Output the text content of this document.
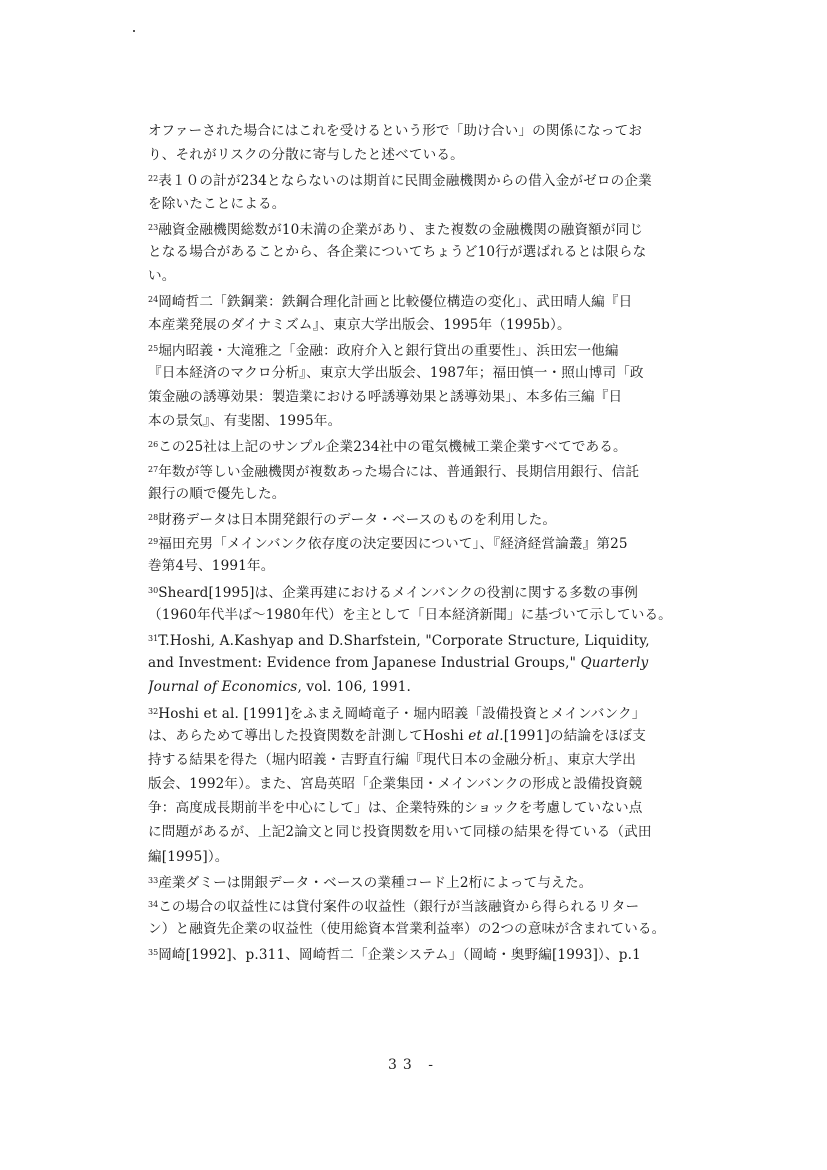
オファーされた場合にはこれを受けるという形で「助け合い」の関係になってお
り、それがリスクの分散に寄与したと述べている。
$^{22}$表１０の計が234とならないのは期首に民間金融機関からの借入金がゼロの企業
を除いたことによる。
$^{23}$融資金融機関総数が10未満の企業があり、また複数の金融機関の融資額が同じ
となる場合があることから、各企業についてちょうど10行が選ばれるとは限らな
い。
$^{24}$岡崎哲二「鉄鋼業：鉄鋼合理化計画と比較優位構造の変化」、武田晴人編『日
本産業発展のダイナミズム』、東京大学出版会、1995年（1995b）。
$^{25}$堀内昭義・大滝雅之「金融：政府介入と銀行貸出の重要性」、浜田宏一他編
『日本経済のマクロ分析』、東京大学出版会、1987年；福田慎一・照山博司「政
策金融の誘導効果：製造業における呼誘導効果と誘導効果」、本多佑三編『日
本の景気』、有斐閣、1995年。
$^{26}$この25社は上記のサンプル企業234社中の電気機械工業企業すべてである。
$^{27}$年数が等しい金融機関が複数あった場合には、普通銀行、長期信用銀行、信託
銀行の順で優先した。
$^{28}$財務データは日本開発銀行のデータ・ベースのものを利用した。
$^{29}$福田充男「メインバンク依存度の決定要因について」、『経済経営論叢』第25
巻第4号、1991年。
$^{30}$Sheard[1995]は、企業再建におけるメインバンクの役割に関する多数の事例
（1960年代半ば～1980年代）を主として「日本経済新聞」に基づいて示している。
$^{31}$T.Hoshi, A.Kashyap and D.Sharfstein, "Corporate Structure, Liquidity,
and Investment: Evidence from Japanese Industrial Groups," Quarterly
Journal of Economics, vol. 106, 1991.
$^{32}$Hoshi et al. [1991]をふまえ岡崎竜子・堀内昭義「設備投資とメインバンク」
は、あらためて導出した投資関数を計測してHoshi et al.[1991]の結論をほぼ支
持する結果を得た（堀内昭義・吉野直行編『現代日本の金融分析』、東京大学出
版会、1992年）。また、宮島英昭「企業集団・メインバンクの形成と設備投資競
争：高度成長期前半を中心にして」は、企業特殊的ショックを考慮していない点
に問題があるが、上記2論文と同じ投資関数を用いて同様の結果を得ている（武田
編[1995]）。
$^{33}$産業ダミーは開銀データ・ベースの業種コード上2桁によって与えた。
$^{34}$この場合の収益性には貸付案件の収益性（銀行が当該融資から得られるリター
ン）と融資先企業の収益性（使用総資本営業利益率）の2つの意味が含まれている。
$^{35}$岡崎[1992]、p.311、岡崎哲二「企業システム」（岡崎・奥野編[1993]）、p.1
33 -
